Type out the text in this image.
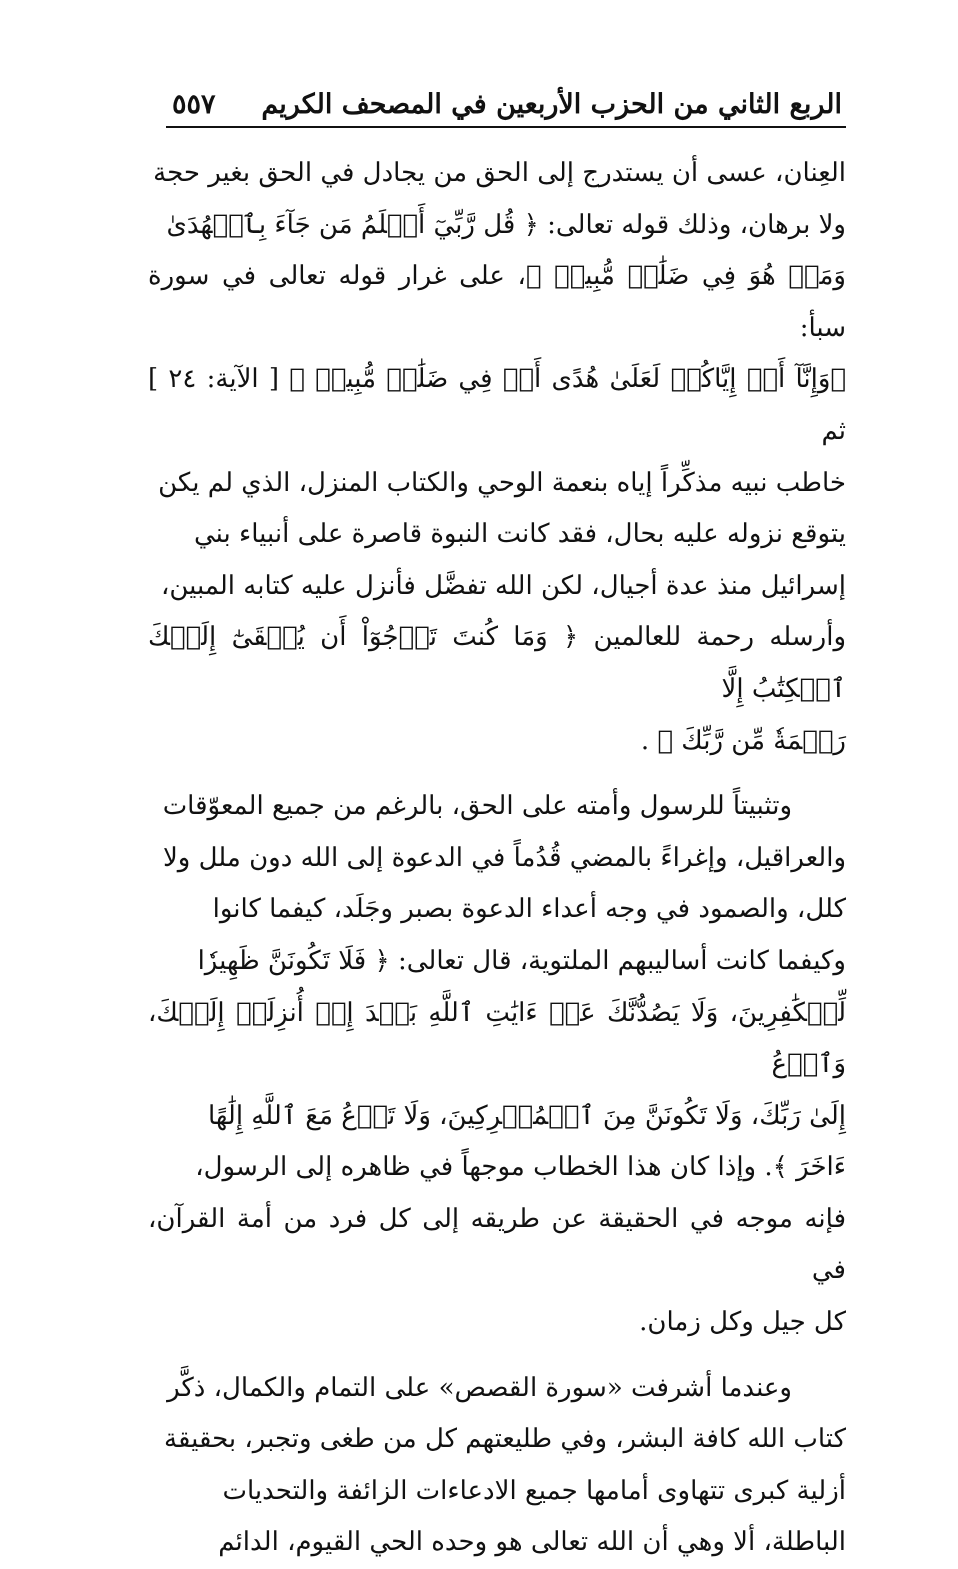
الربع الثاني من الحزب الأربعين في المصحف الكريم
٥٥٧

العِنان، عسى أن يستدرج إلى الحق من يجادل في الحق بغير حجة
ولا برهان، وذلك قوله تعالى: ﴿ قُل رَّبِّيٓ أَعۡلَمُ مَن جَآءَ بِٱلۡهُدَىٰ
وَمَنۡ هُوَ فِي ضَلَٰلٖ مُّبِينٖ ﴾، على غرار قوله تعالى في سورة سبأ:
﴿وَإِنَّآ أَوۡ إِيَّاكُمۡ لَعَلَىٰ هُدًى أَوۡ فِي ضَلَٰلٖ مُّبِينٖ ﴾ [ الآية: ٢٤ ] ثم
خاطب نبيه مذكِّراً إياه بنعمة الوحي والكتاب المنزل، الذي لم يكن
يتوقع نزوله عليه بحال، فقد كانت النبوة قاصرة على أنبياء بني
إسرائيل منذ عدة أجيال، لكن الله تفضَّل فأنزل عليه كتابه المبين،
وأرسله رحمة للعالمين ﴿ وَمَا كُنتَ تَرۡجُوٓاْ أَن يُلۡقَىٰٓ إِلَيۡكَ ٱلۡكِتَٰبُ إِلَّا
رَحۡمَةٗ مِّن رَّبِّكَ ﴾ .

وتثبيتاً للرسول وأمته على الحق، بالرغم من جميع المعوّقات
والعراقيل، وإغراءً بالمضي قُدُماً في الدعوة إلى الله دون ملل ولا
كلل، والصمود في وجه أعداء الدعوة بصبر وجَلَد، كيفما كانوا
وكيفما كانت أساليبهم الملتوية، قال تعالى: ﴿ فَلَا تَكُونَنَّ ظَهِيرٗا
لِّلۡكَٰفِرِينَ، وَلَا يَصُدُّنَّكَ عَنۡ ءَايَٰتِ ٱللَّهِ بَعۡدَ إِذۡ أُنزِلَتۡ إِلَيۡكَ، وَٱدۡعُ
إِلَىٰ رَبِّكَ، وَلَا تَكُونَنَّ مِنَ ٱلۡمُشۡرِكِينَ، وَلَا تَدۡعُ مَعَ ٱللَّهِ إِلَٰهًا
ءَاخَرَ ﴾. وإذا كان هذا الخطاب موجهاً في ظاهره إلى الرسول،
فإنه موجه في الحقيقة عن طريقه إلى كل فرد من أمة القرآن، في
كل جيل وكل زمان.

وعندما أشرفت «سورة القصص» على التمام والكمال، ذكَّر
كتاب الله كافة البشر، وفي طليعتهم كل من طغى وتجبر، بحقيقة
أزلية كبرى تتهاوى أمامها جميع الادعاءات الزائفة والتحديات
الباطلة، ألا وهي أن الله تعالى هو وحده الحي القيوم، الدائم
